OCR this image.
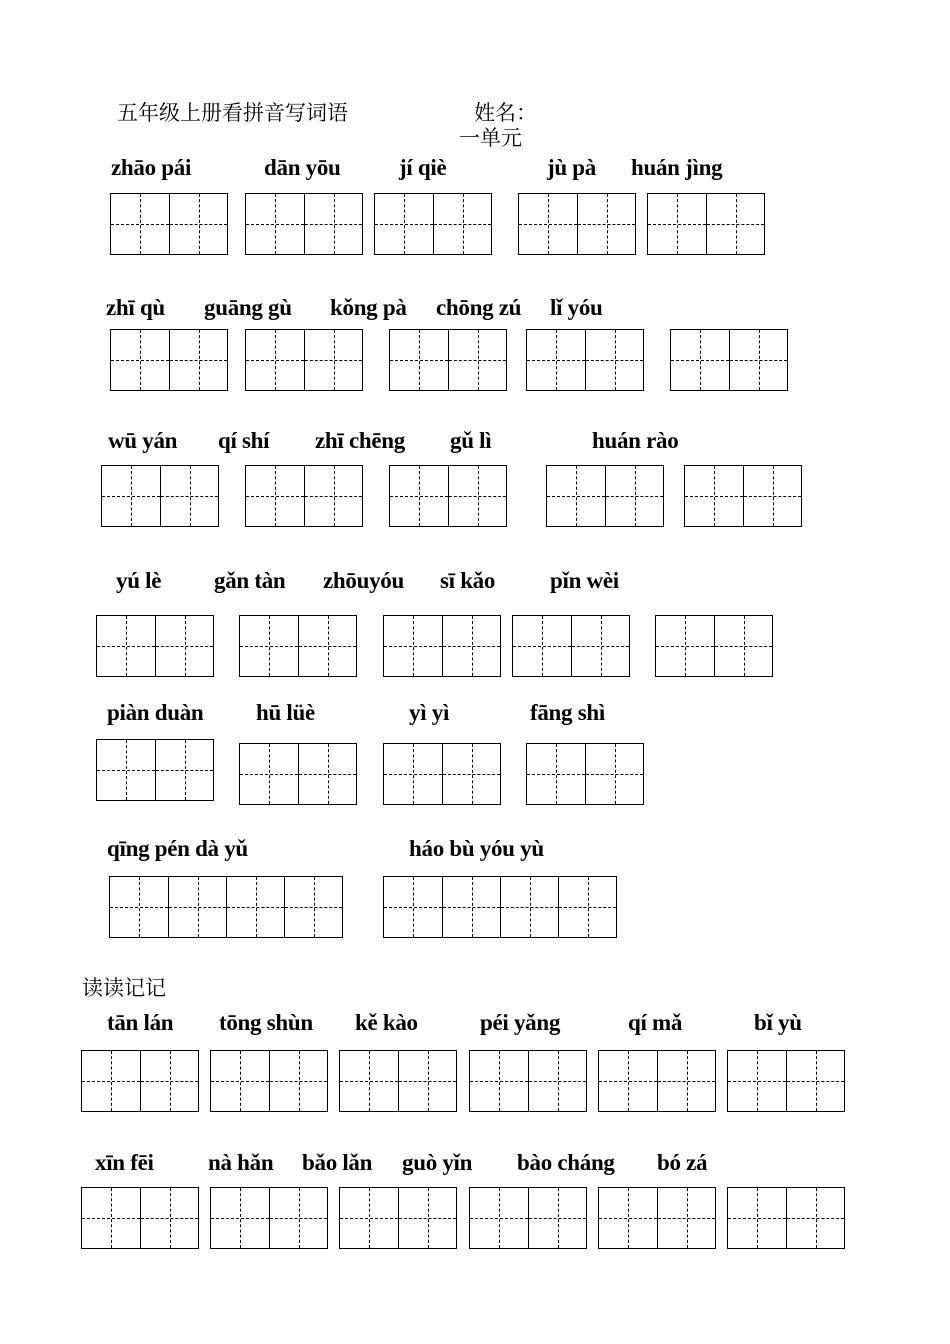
五年级上册看拼音写词语	姓名：
一单元
读读记记
zhāo pái	dān yōu	jí qiè	jù pà huán jìng
zhī qù guāng gù kǒng pà chōng zú lǐ yóu
wū yán qí shí zhī chēng gǔ lì	huán rào
yú lè gǎn tàn zhōuyóu sī kǎo pǐn wèi
piàn duàn hū lüè	yì yì	fāng shì
qīng pén dà yǔ	háo bù yóu yù
tān lán tōng shùn kě kào	péi yǎng	qí mǎ	bǐ yù
xīn fēi nà hǎn bǎo lǎn guò yǐn bào cháng bó zá
